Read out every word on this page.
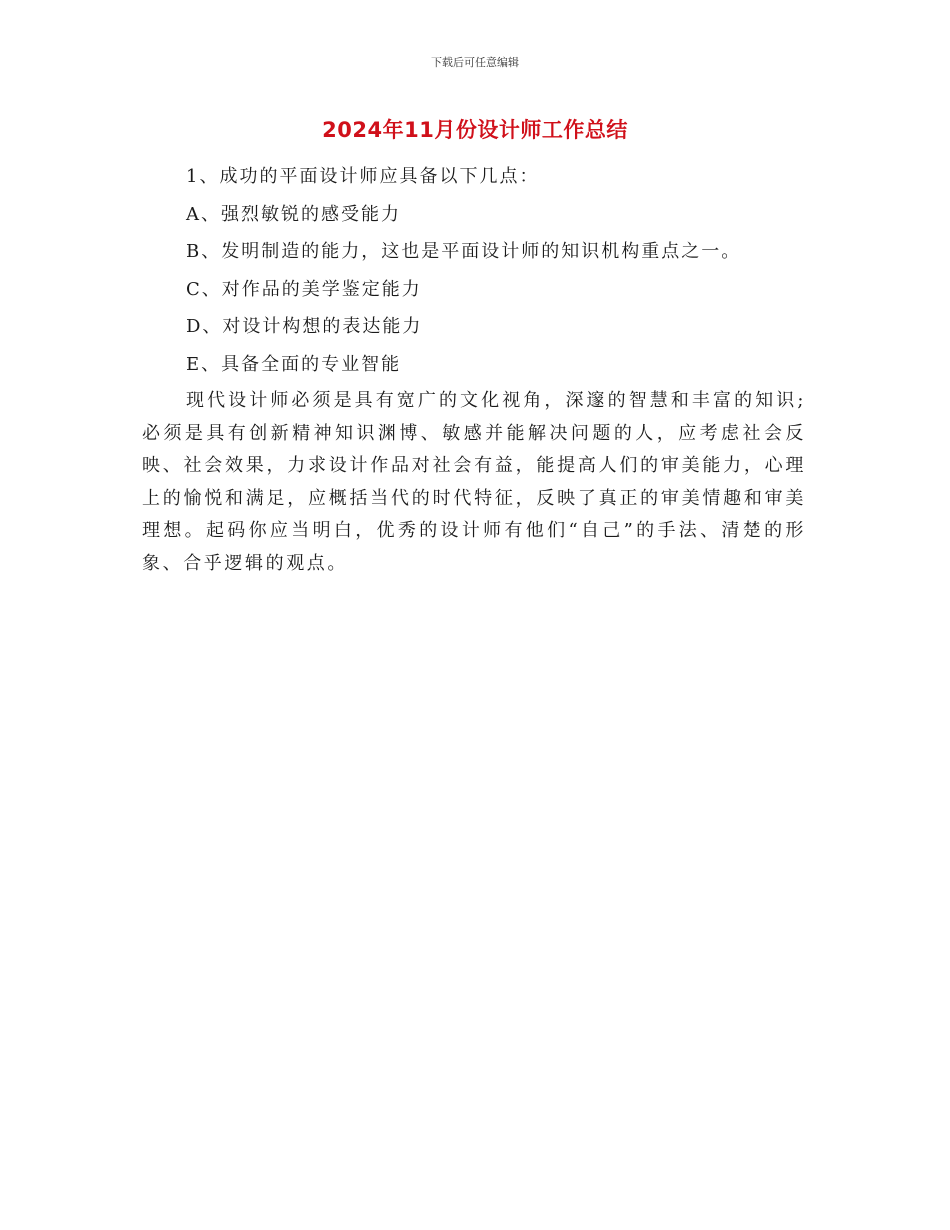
下载后可任意编辑
2024年11月份设计师工作总结
1、成功的平面设计师应具备以下几点：
A、强烈敏锐的感受能力
B、发明制造的能力，这也是平面设计师的知识机构重点之一。
C、对作品的美学鉴定能力
D、对设计构想的表达能力
E、具备全面的专业智能
现代设计师必须是具有宽广的文化视角，深邃的智慧和丰富的知识;必须是具有创新精神知识渊博、敏感并能解决问题的人，应考虑社会反映、社会效果，力求设计作品对社会有益，能提高人们的审美能力，心理上的愉悦和满足，应概括当代的时代特征，反映了真正的审美情趣和审美理想。起码你应当明白，优秀的设计师有他们“自己”的手法、清楚的形象、合乎逻辑的观点。
